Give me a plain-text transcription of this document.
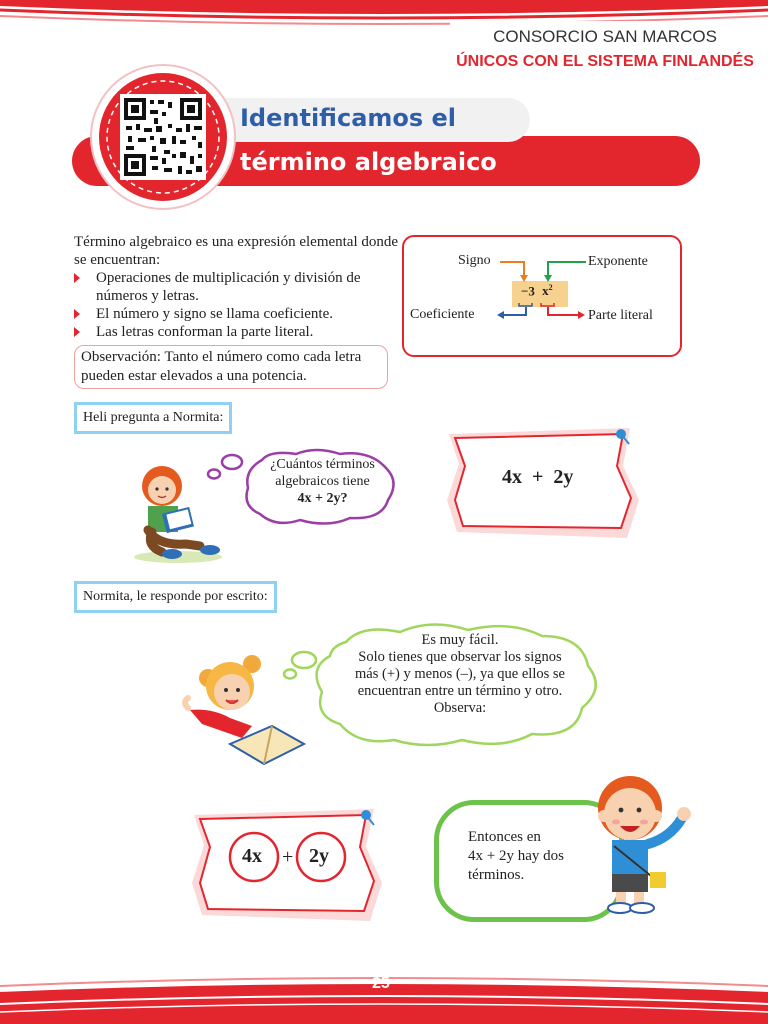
CONSORCIO SAN MARCOS
ÚNICOS CON EL SISTEMA FINLANDÉS
Identificamos el
término algebraico
Término algebraico es una expresión elemental donde se encuentran:
Operaciones de multiplicación y división de números y letras.
El número y signo se llama coeficiente.
Las letras conforman la parte literal.
Observación: Tanto el número como cada letra pueden estar elevados a una potencia.
Signo	Exponente
Coeficiente	Parte literal
−3 $x^2$
Heli pregunta a Normita:
¿Cuántos términos
algebraicos tiene
4x + 2y?
4x  +  2y
Normita, le responde por escrito:
Es muy fácil.
Solo tienes que observar los signos
más (+) y menos (–), ya que ellos se
encuentran entre un término y otro.
Observa:
4x + 2y
Entonces en
4x + 2y hay dos
términos.
25
